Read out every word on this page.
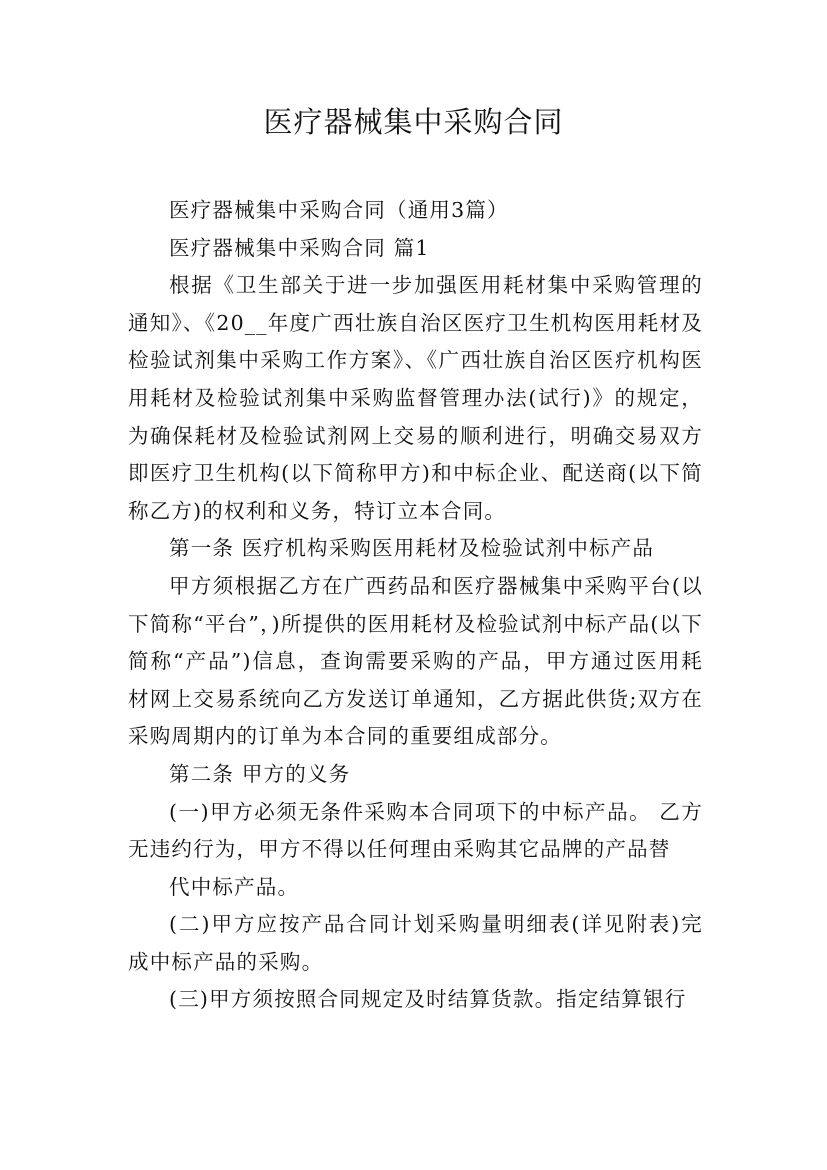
医疗器械集中采购合同

医疗器械集中采购合同（通用3篇）

医疗器械集中采购合同 篇1

根据《卫生部关于进一步加强医用耗材集中采购管理的通知》、《20__年度广西壮族自治区医疗卫生机构医用耗材及检验试剂集中采购工作方案》、《广西壮族自治区医疗机构医用耗材及检验试剂集中采购监督管理办法(试行)》的规定，为确保耗材及检验试剂网上交易的顺利进行，明确交易双方即医疗卫生机构(以下简称甲方)和中标企业、配送商(以下简称乙方)的权利和义务，特订立本合同。

第一条 医疗机构采购医用耗材及检验试剂中标产品

甲方须根据乙方在广西药品和医疗器械集中采购平台(以下简称“平台”，)所提供的医用耗材及检验试剂中标产品(以下简称“产品”)信息，查询需要采购的产品，甲方通过医用耗材网上交易系统向乙方发送订单通知，乙方据此供货;双方在采购周期内的订单为本合同的重要组成部分。

第二条 甲方的义务

(一)甲方必须无条件采购本合同项下的中标产品。 乙方无违约行为，甲方不得以任何理由采购其它品牌的产品替

代中标产品。

(二)甲方应按产品合同计划采购量明细表(详见附表)完成中标产品的采购。

(三)甲方须按照合同规定及时结算货款。指定结算银行
